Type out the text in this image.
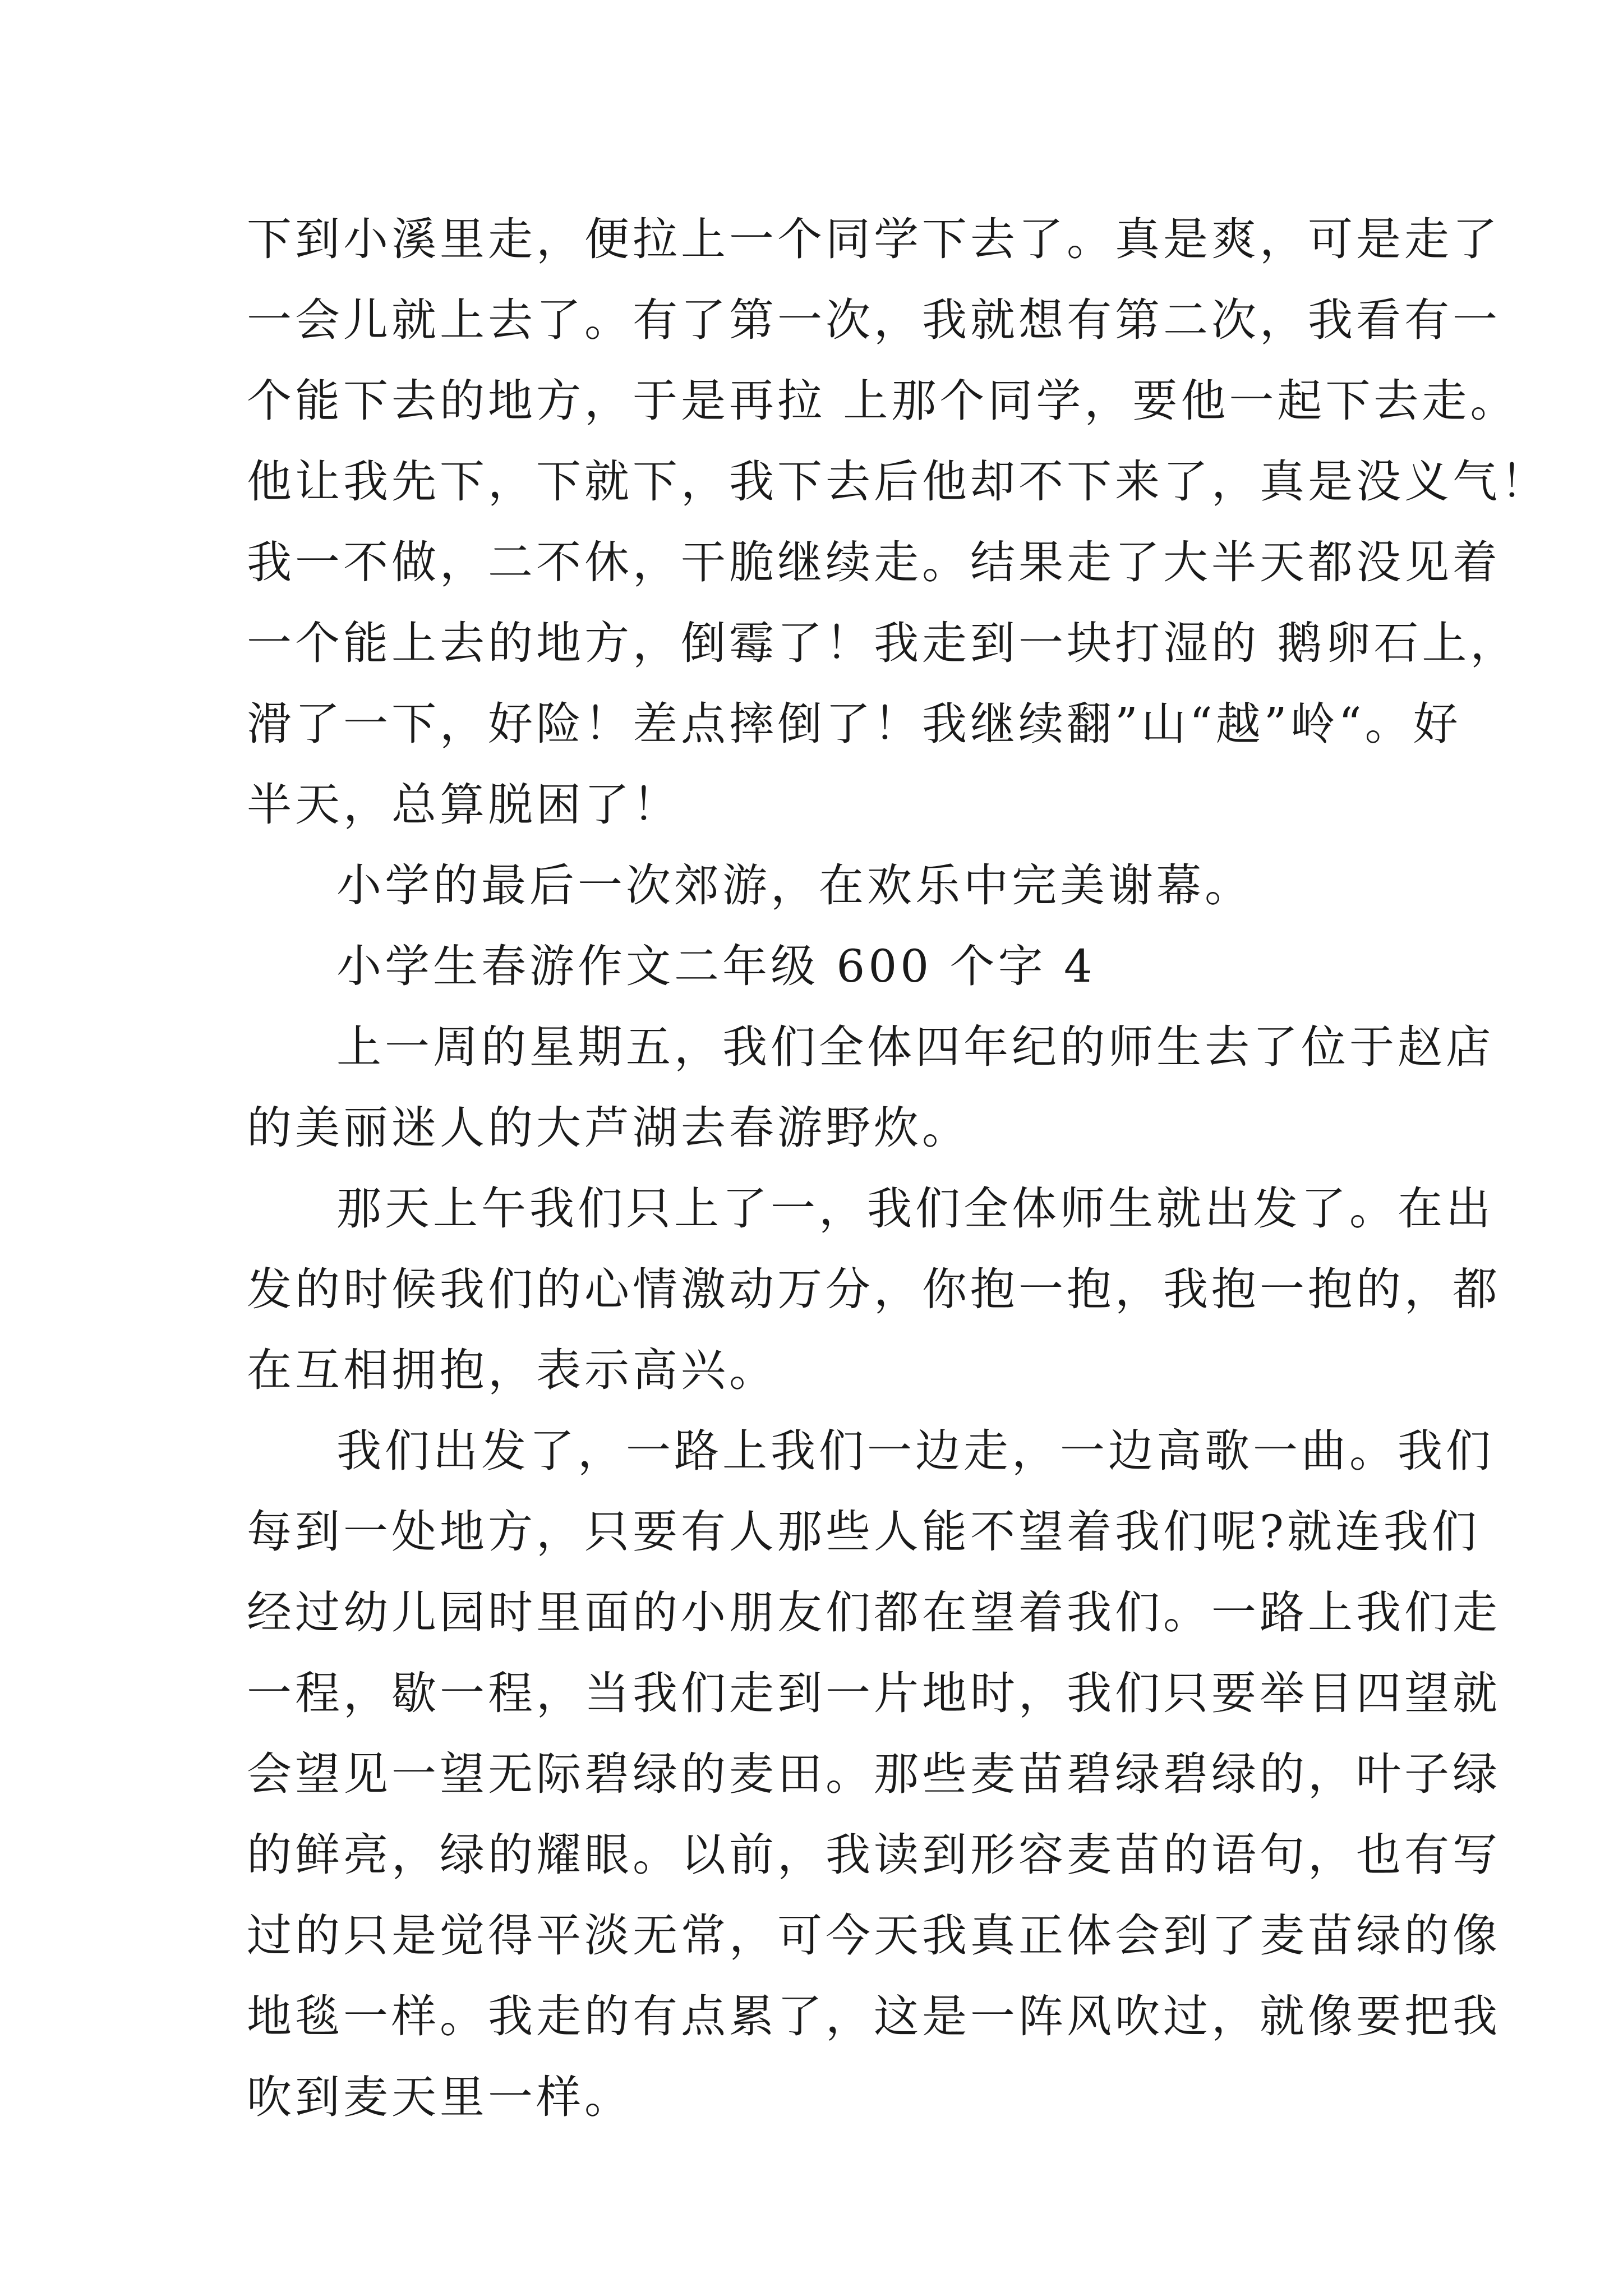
下到小溪里走，便拉上一个同学下去了。真是爽，可是走了
一会儿就上去了。有了第一次，我就想有第二次，我看有一
个能下去的地方，于是再拉 上那个同学，要他一起下去走。
他让我先下，下就下，我下去后他却不下来了，真是没义气！
我一不做，二不休，干脆继续走。结果走了大半天都没见着
一个能上去的地方，倒霉了！我走到一块打湿的 鹅卵石上，
滑了一下，好险！差点摔倒了！我继续翻”山“越”岭“。好
半天，总算脱困了！
小学的最后一次郊游，在欢乐中完美谢幕。
小学生春游作文二年级 600 个字 4
上一周的星期五，我们全体四年纪的师生去了位于赵店
的美丽迷人的大芦湖去春游野炊。
那天上午我们只上了一，我们全体师生就出发了。在出
发的时候我们的心情激动万分，你抱一抱，我抱一抱的，都
在互相拥抱，表示高兴。
我们出发了，一路上我们一边走，一边高歌一曲。我们
每到一处地方，只要有人那些人能不望着我们呢?就连我们
经过幼儿园时里面的小朋友们都在望着我们。一路上我们走
一程，歇一程，当我们走到一片地时，我们只要举目四望就
会望见一望无际碧绿的麦田。那些麦苗碧绿碧绿的，叶子绿
的鲜亮，绿的耀眼。以前，我读到形容麦苗的语句，也有写
过的只是觉得平淡无常，可今天我真正体会到了麦苗绿的像
地毯一样。我走的有点累了，这是一阵风吹过，就像要把我
吹到麦天里一样。
